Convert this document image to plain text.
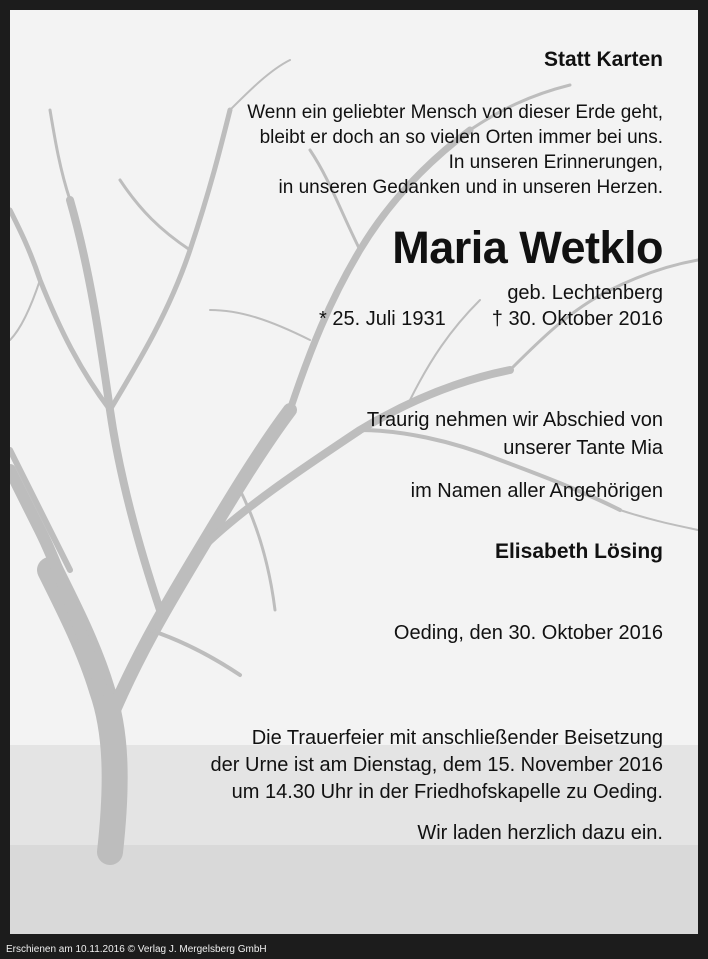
Statt Karten
Wenn ein geliebter Mensch von dieser Erde geht,
bleibt er doch an so vielen Orten immer bei uns.
In unseren Erinnerungen,
in unseren Gedanken und in unseren Herzen.
Maria Wetklo
geb. Lechtenberg
* 25. Juli 1931 † 30. Oktober 2016
Traurig nehmen wir Abschied von
unserer Tante Mia
im Namen aller Angehörigen
Elisabeth Lösing
Oeding, den 30. Oktober 2016
Die Trauerfeier mit anschließender Beisetzung
der Urne ist am Dienstag, dem 15. November 2016
um 14.30 Uhr in der Friedhofskapelle zu Oeding.
Wir laden herzlich dazu ein.
Erschienen am 10.11.2016 © Verlag J. Mergelsberg GmbH
